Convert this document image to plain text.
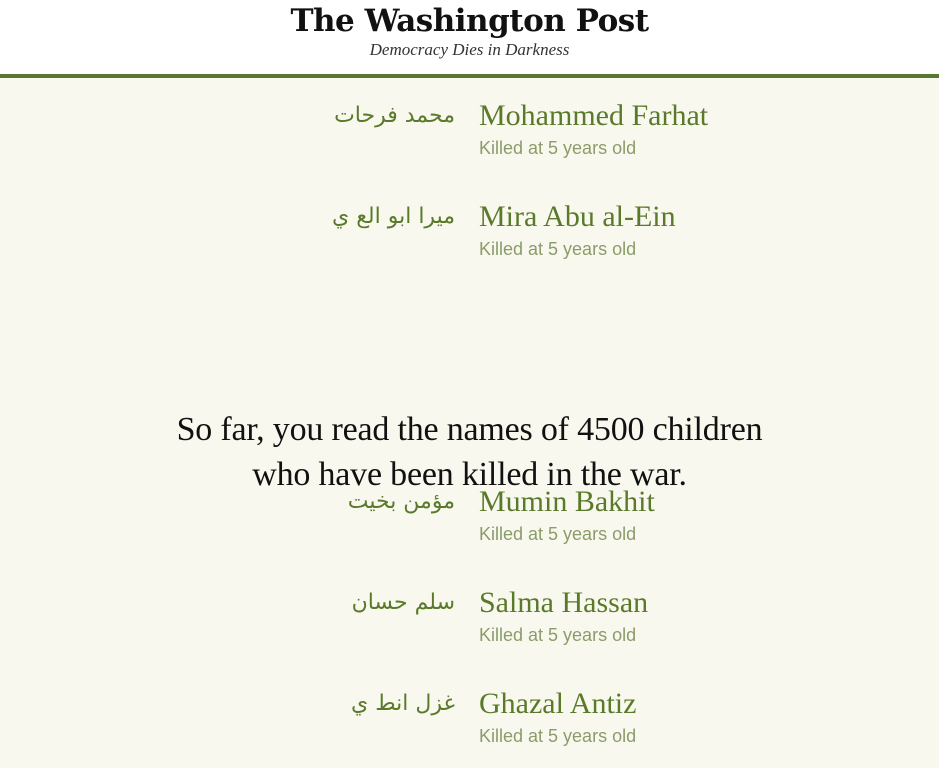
The Washington Post
Democracy Dies in Darkness
محمد فرحات Mohammed Farhat
Killed at 5 years old
ميرا ابو الع ي Mira Abu al-Ein
Killed at 5 years old
So far, you read the names of 4500 children
who have been killed in the war.
مؤمن بخيت Mumin Bakhit
Killed at 5 years old
سلم حسان Salma Hassan
Killed at 5 years old
غزل انط ي Ghazal Antiz
Killed at 5 years old
